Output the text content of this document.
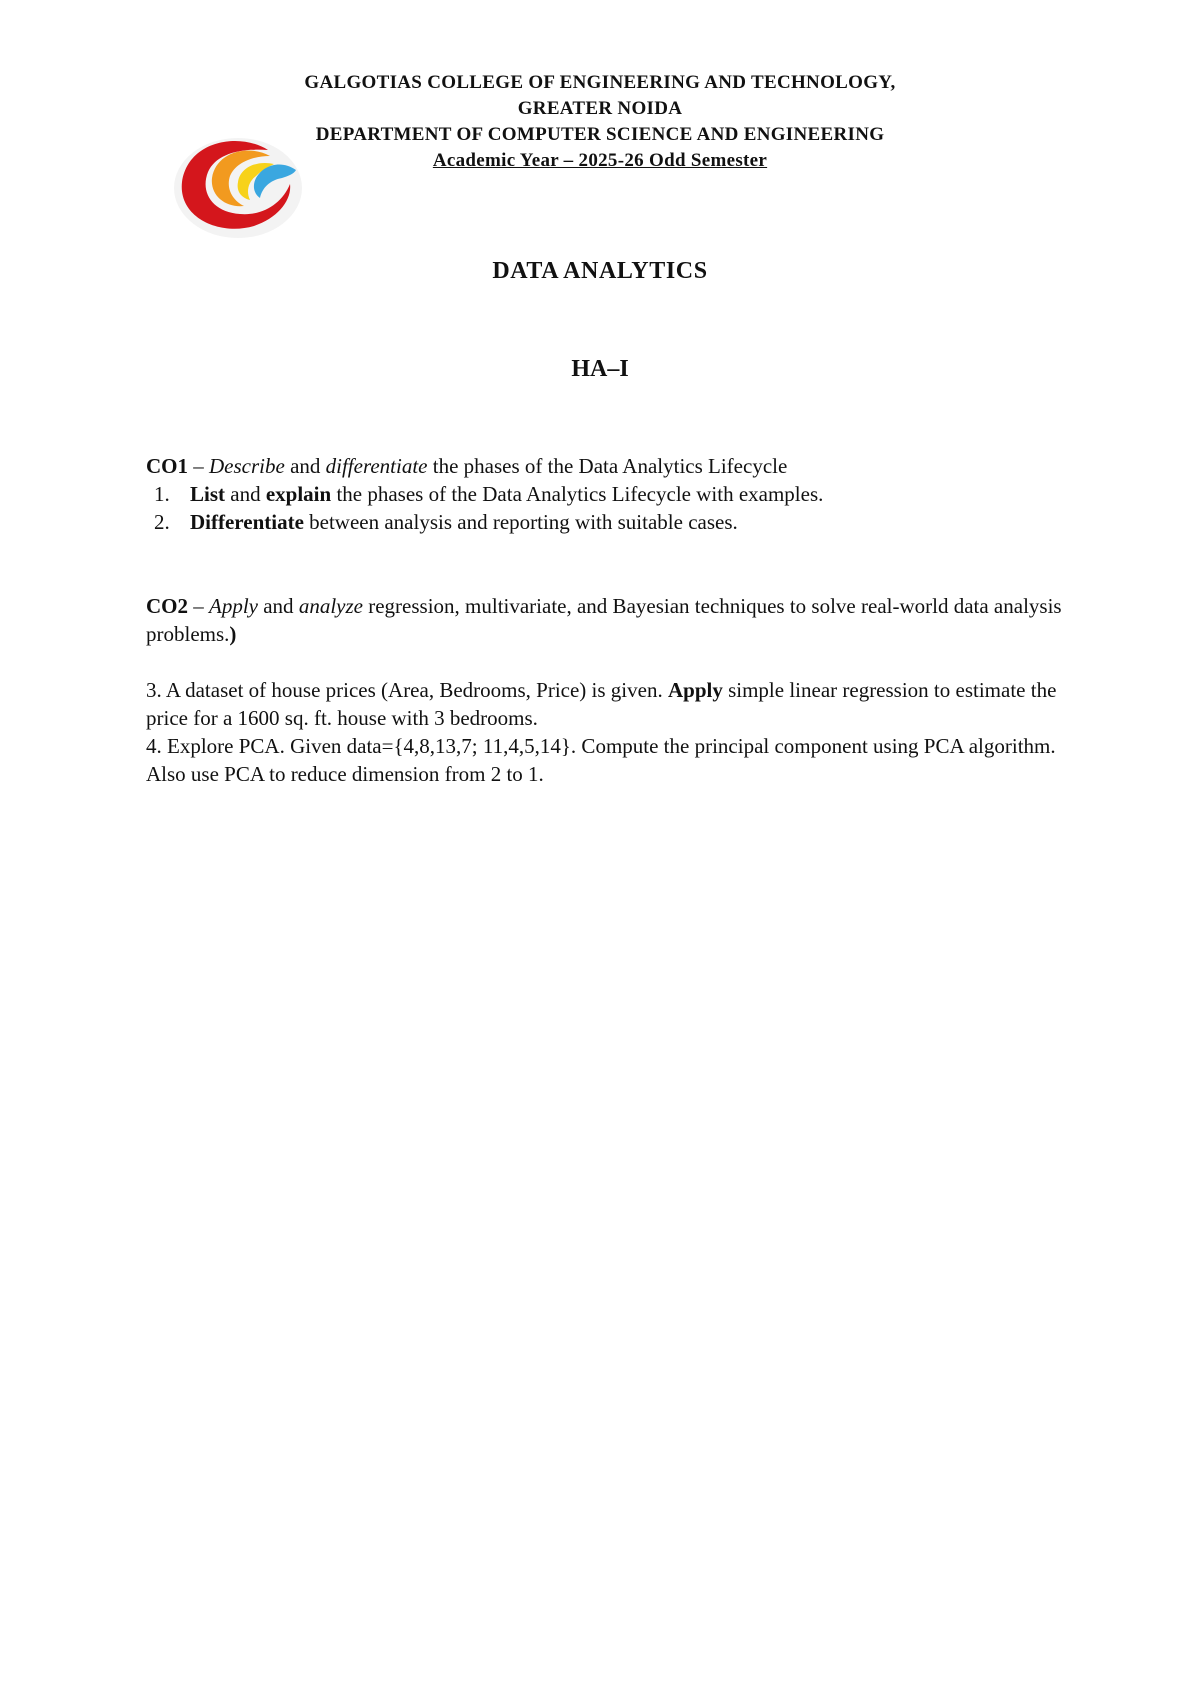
GALGOTIAS COLLEGE OF ENGINEERING AND TECHNOLOGY,
GREATER NOIDA
DEPARTMENT OF COMPUTER SCIENCE AND ENGINEERING
Academic Year – 2025-26 Odd Semester
DATA ANALYTICS
HA–I
CO1 – Describe and differentiate the phases of the Data Analytics Lifecycle
1. List and explain the phases of the Data Analytics Lifecycle with examples.
2. Differentiate between analysis and reporting with suitable cases.
CO2 – Apply and analyze regression, multivariate, and Bayesian techniques to solve real-world data analysis problems.)
3. A dataset of house prices (Area, Bedrooms, Price) is given. Apply simple linear regression to estimate the price for a 1600 sq. ft. house with 3 bedrooms.
4. Explore PCA. Given data={4,8,13,7; 11,4,5,14}. Compute the principal component using PCA algorithm. Also use PCA to reduce dimension from 2 to 1.
